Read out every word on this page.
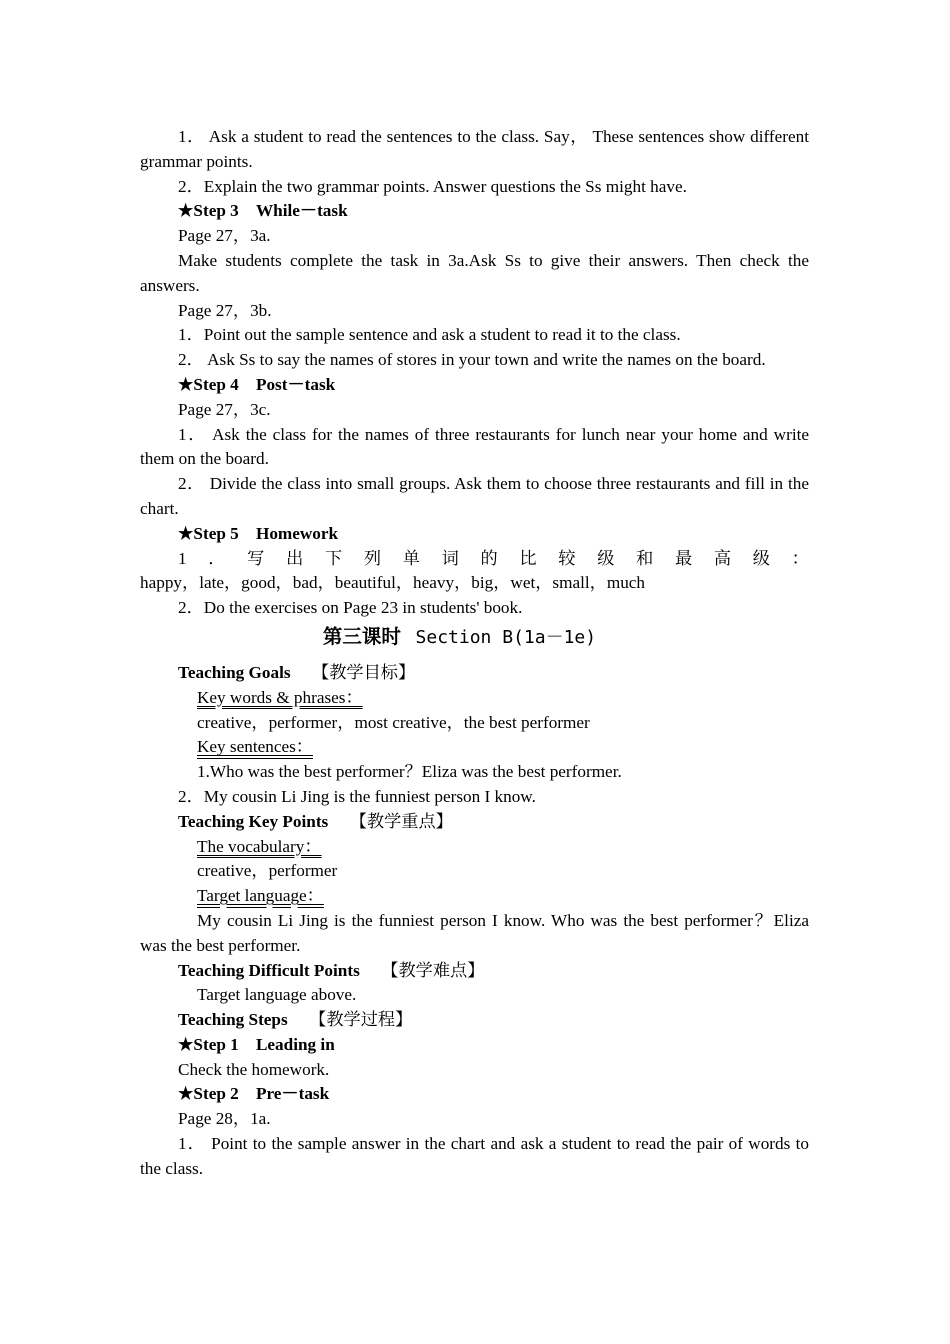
1． Ask a student to read the sentences to the class. Say， These sentences show different grammar points.

2．Explain the two grammar points. Answer questions the Ss might have.

★Step 3　While－task

Page 27，3a.

Make students complete the task in 3a.Ask Ss to give their answers. Then check the answers.

Page 27，3b.

1．Point out the sample sentence and ask a student to read it to the class.

2． Ask Ss to say the names of stores in your town and write the names on the board.

★Step 4　Post－task

Page 27，3c.

1． Ask the class for the names of three restaurants for lunch near your home and write them on the board.

2． Divide the class into small groups. Ask them to choose three restaurants and fill in the chart.

★Step 5　Homework

1 ． 写 出 下 列 单 词 的 比 较 级 和 最 高 级 ：

happy，late，good，bad，beautiful，heavy，big，wet，small，much

2．Do the exercises on Page 23 in students' book.

第三课时 Section B(1a－1e)

Teaching Goals 【教学目标】

Key words & phrases：

creative，performer，most creative，the best performer

Key sentences：

1.Who was the best performer？Eliza was the best performer.

2．My cousin Li Jing is the funniest person I know.

Teaching Key Points 【教学重点】

The vocabulary：

creative，performer

Target language：

My cousin Li Jing is the funniest person I know. Who was the best performer？Eliza was the best performer.

Teaching Difficult Points 【教学难点】

Target language above.

Teaching Steps 【教学过程】

★Step 1　Leading in

Check the homework.

★Step 2　Pre－task

Page 28，1a.

1． Point to the sample answer in the chart and ask a student to read the pair of words to the class.
